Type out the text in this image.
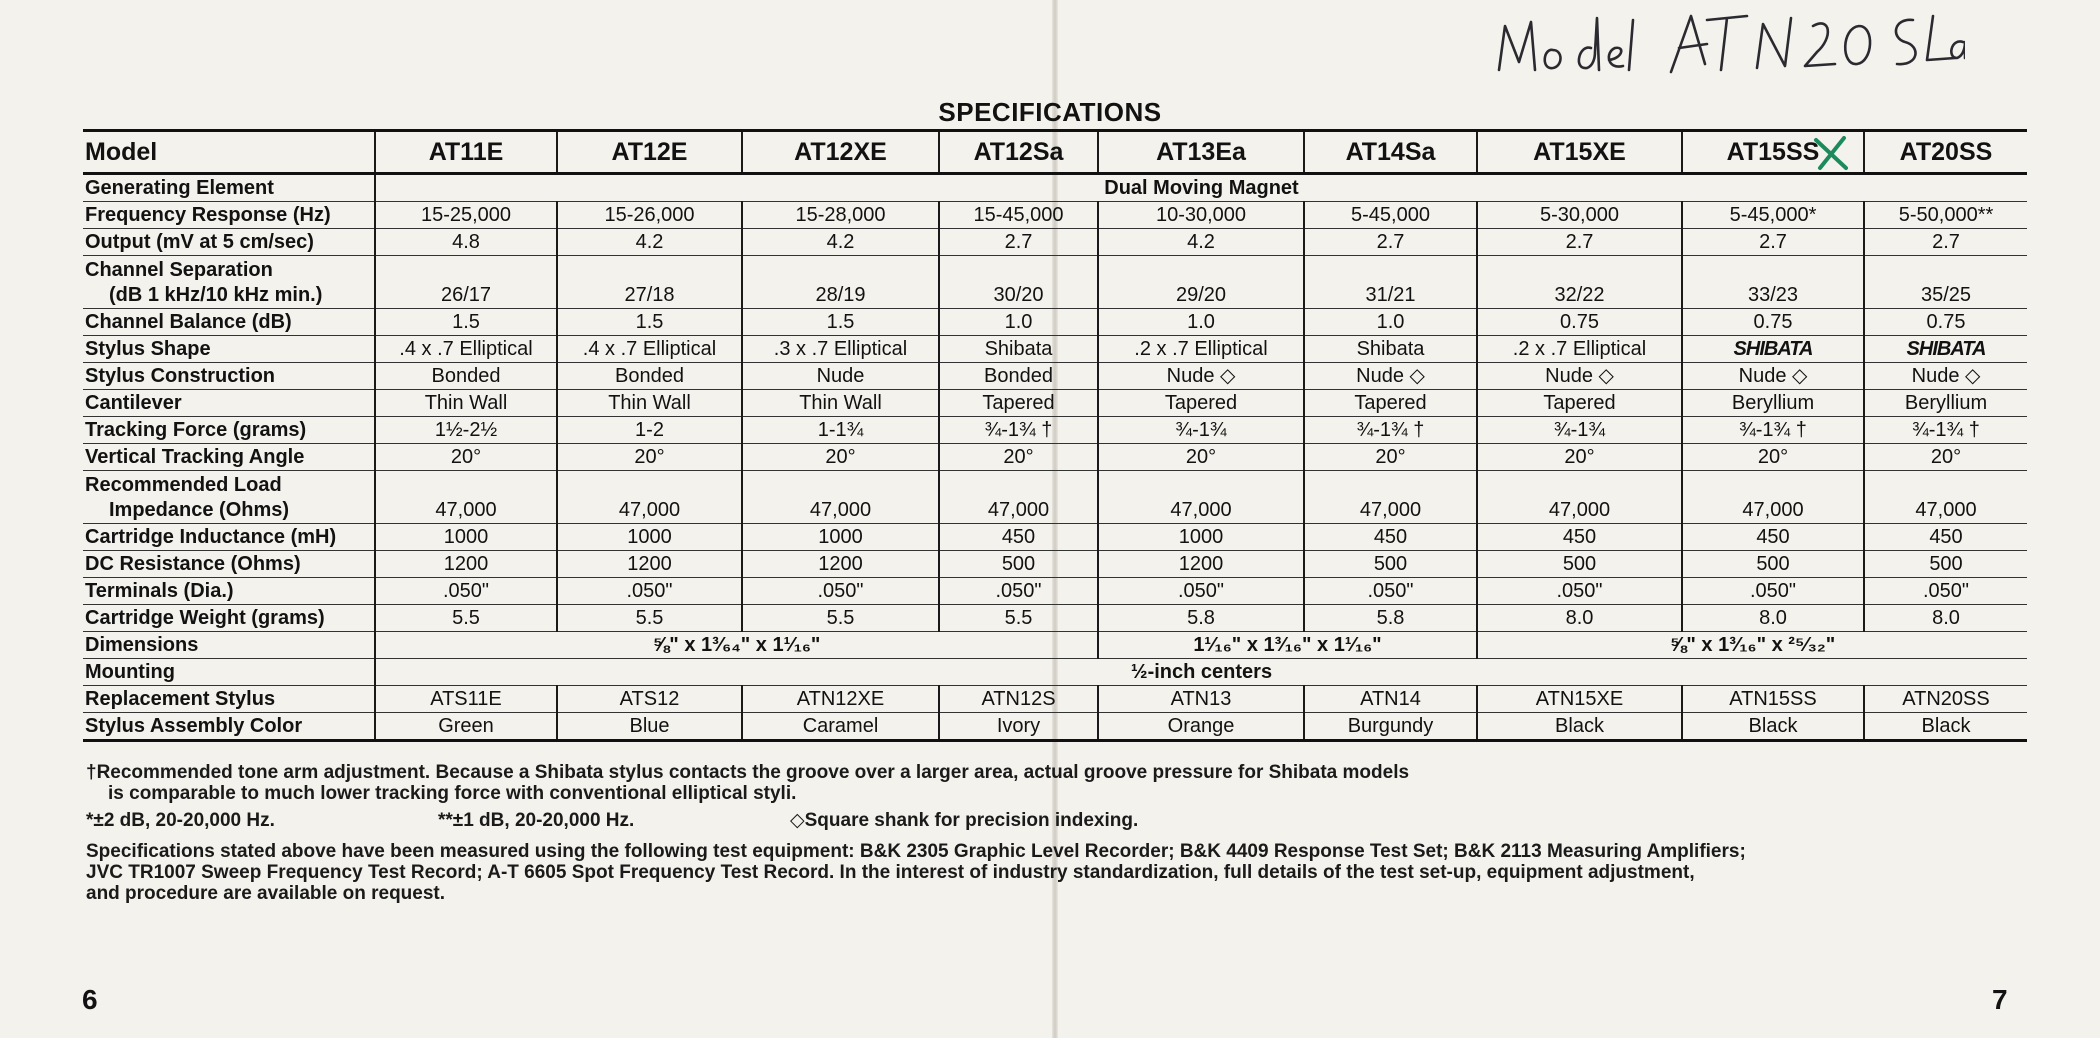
SPECIFICATIONS
Model	AT11E	AT12E	AT12XE	AT12Sa	AT13Ea	AT14Sa	AT15XE	AT15SS	AT20SS
Generating Element	Dual Moving Magnet								
Frequency Response (Hz)	15-25,000	15-26,000	15-28,000	15-45,000	10-30,000	5-45,000	5-30,000	5-45,000*	5-50,000**
Output (mV at 5 cm/sec)	4.8	4.2	4.2	2.7	4.2	2.7	2.7	2.7	2.7

Channel Separation
(dB 1 kHz/10 kHz min.)	26/17	27/18	28/19	30/20	29/20	31/21	32/22	33/23	35/25
Channel Balance (dB)	1.5	1.5	1.5	1.0	1.0	1.0	0.75	0.75	0.75
Stylus Shape	.4 x .7 Elliptical	.4 x .7 Elliptical	.3 x .7 Elliptical	Shibata	.2 x .7 Elliptical	Shibata	.2 x .7 Elliptical	SHIBATA	SHIBATA
Stylus Construction	Bonded	Bonded	Nude	Bonded	Nude ◇	Nude ◇	Nude ◇	Nude ◇	Nude ◇
Cantilever	Thin Wall	Thin Wall	Thin Wall	Tapered	Tapered	Tapered	Tapered	Beryllium	Beryllium
Tracking Force (grams)	1½-2½	1-2	1-1¾	¾-1¾ †	¾-1¾	¾-1¾ †	¾-1¾	¾-1¾ †	¾-1¾ †
Vertical Tracking Angle	20°	20°	20°	20°	20°	20°	20°	20°	20°

Recommended Load
Impedance (Ohms)	47,000	47,000	47,000	47,000	47,000	47,000	47,000	47,000	47,000
Cartridge Inductance (mH)	1000	1000	1000	450	1000	450	450	450	450
DC Resistance (Ohms)	1200	1200	1200	500	1200	500	500	500	500
Terminals (Dia.)	.050"	.050"	.050"	.050"	.050"	.050"	.050"	.050"	.050"
Cartridge Weight (grams)	5.5	5.5	5.5	5.5	5.8	5.8	8.0	8.0	8.0
Dimensions	⅝" x 1³⁄₆₄" x 1¹⁄₁₆"				1¹⁄₁₆" x 1³⁄₁₆" x 1¹⁄₁₆"		⅝" x 1³⁄₁₆" x ²⁵⁄₃₂"		
Mounting	½-inch centers								
Replacement Stylus	ATS11E	ATS12	ATN12XE	ATN12S	ATN13	ATN14	ATN15XE	ATN15SS	ATN20SS
Stylus Assembly Color	Green	Blue	Caramel	Ivory	Orange	Burgundy	Black	Black	Black

†Recommended tone arm adjustment. Because a Shibata stylus contacts the groove over a larger area, actual groove pressure for Shibata models

is comparable to much lower tracking force with conventional elliptical styli.

*±2 dB, 20-20,000 Hz.	**±1 dB, 20-20,000 Hz.	◇Square shank for precision indexing.

Specifications stated above have been measured using the following test equipment: B&K 2305 Graphic Level Recorder; B&K 4409 Response Test Set; B&K 2113 Measuring Amplifiers;

JVC TR1007 Sweep Frequency Test Record; A-T 6605 Spot Frequency Test Record. In the interest of industry standardization, full details of the test set-up, equipment adjustment,

and procedure are available on request.

6	7
